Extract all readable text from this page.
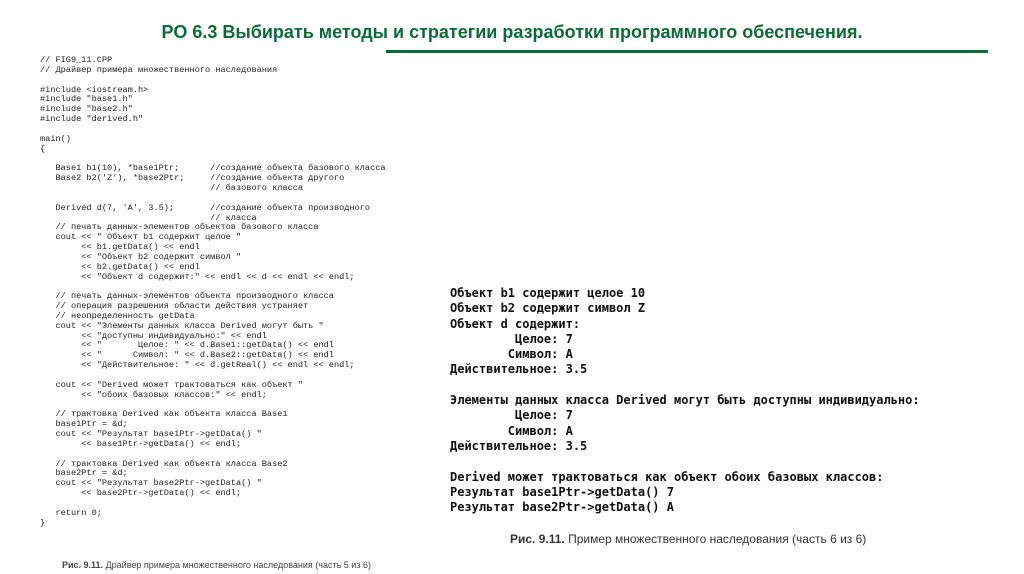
РО 6.3 Выбирать методы и стратегии разработки программного обеспечения.
// FIG9_11.CPP
// Драйвер примера множественного наследования

#include <iostream.h>
#include "base1.h"
#include "base2.h"
#include "derived.h"

main()
{

Base1 b1(10), *base1Ptr;      //создание объекта базового класса
Base2 b2('Z'), *base2Ptr;     //создание объекта другого
// базового класса

Derived d(7, 'A', 3.5);       //создание объекта производного
// класса
// печать данных-элементов объектов базового класса
cout << " Объект b1 содержит целое "
<< b1.getData() << endl
<< "Объект b2 содержит символ "
<< b2.getData() << endl
<< "Объект d содержит:" << endl << d << endl << endl;

// печать данных-элементов объекта производного класса
// операция разрешения области действия устраняет
// неопределенность getData
cout << "Элементы данных класса Derived могут быть "
<< "доступны индивидуально:" << endl
<< "       Целое: " << d.Base1::getData() << endl
<< "      Символ: " << d.Base2::getData() << endl
<< "Действительное: " << d.getReal() << endl << endl;

cout << "Derived может трактоваться как объект "
<< "обоих базовых классов:" << endl;

// трактовка Derived как объекта класса Base1
base1Ptr = &d;
cout << "Результат base1Ptr->getData() "
<< base1Ptr->getData() << endl;

// трактовка Derived как объекта класса Base2
base2Ptr = &d;
cout << "Результат base2Ptr->getData() "
<< base2Ptr->getData() << endl;

return 0;
}
Рис. 9.11. Драйвер примера множественного наследования (часть 5 из 6)
Объект b1 содержит целое 10
Объект b2 содержит символ Z
Объект d содержит:
Целое: 7
Символ: A
Действительное: 3.5

Элементы данных класса Derived могут быть доступны индивидуально:
Целое: 7
Символ: A
Действительное: 3.5

Derived может трактоваться как объект обоих базовых классов:
Результат base1Ptr->getData() 7
Результат base2Ptr->getData() A
Рис. 9.11. Пример множественного наследования (часть 6 из 6)
